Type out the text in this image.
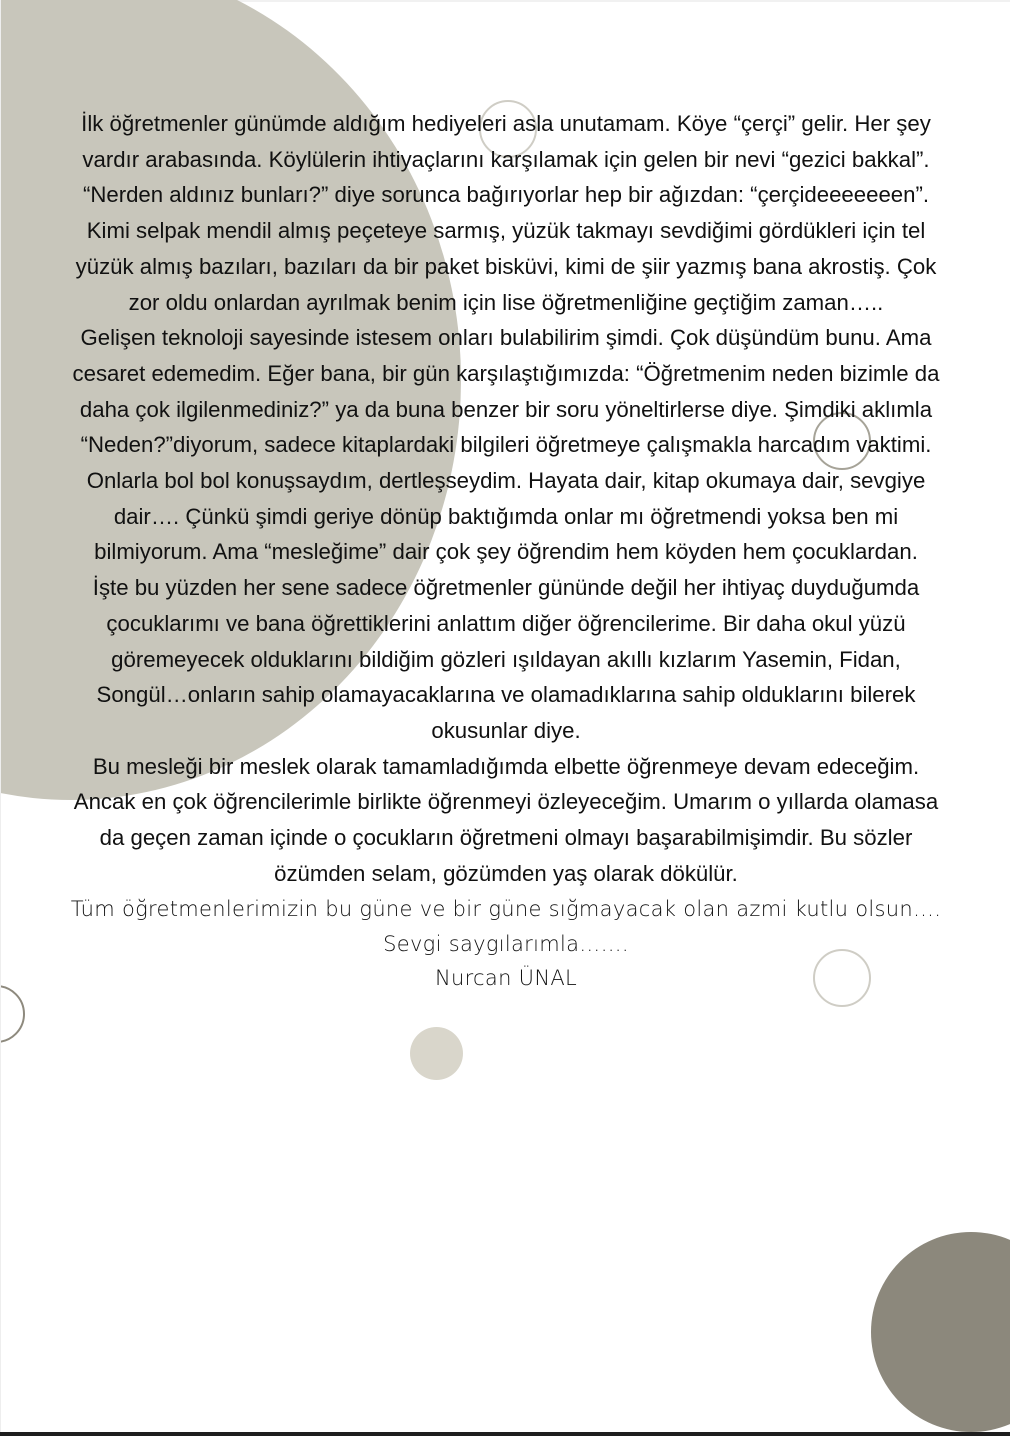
İlk öğretmenler günümde aldığım hediyeleri asla unutamam. Köye “çerçi” gelir. Her şey
vardır arabasında. Köylülerin ihtiyaçlarını karşılamak için gelen bir nevi “gezici bakkal”.
“Nerden aldınız bunları?” diye sorunca bağırıyorlar hep bir ağızdan: “çerçideeeeeeen”.
Kimi selpak mendil almış peçeteye sarmış, yüzük takmayı sevdiğimi gördükleri için tel
yüzük almış bazıları, bazıları da bir paket bisküvi, kimi de şiir yazmış bana akrostiş. Çok
zor oldu onlardan ayrılmak benim için lise öğretmenliğine geçtiğim zaman…..
Gelişen teknoloji sayesinde istesem onları bulabilirim şimdi. Çok düşündüm bunu. Ama
cesaret edemedim. Eğer bana, bir gün karşılaştığımızda: “Öğretmenim neden bizimle da
daha çok ilgilenmediniz?” ya da buna benzer bir soru yöneltirlerse diye. Şimdiki aklımla
“Neden?”diyorum, sadece kitaplardaki bilgileri öğretmeye çalışmakla harcadım vaktimi.
Onlarla bol bol konuşsaydım, dertleşseydim. Hayata dair, kitap okumaya dair, sevgiye
dair…. Çünkü şimdi geriye dönüp baktığımda onlar mı öğretmendi yoksa ben mi
bilmiyorum. Ama “mesleğime” dair çok şey öğrendim hem köyden hem çocuklardan.
İşte bu yüzden her sene sadece öğretmenler gününde değil her ihtiyaç duyduğumda
çocuklarımı ve bana öğrettiklerini anlattım diğer öğrencilerime. Bir daha okul yüzü
göremeyecek olduklarını bildiğim gözleri ışıldayan akıllı kızlarım Yasemin, Fidan,
Songül…onların sahip olamayacaklarına ve olamadıklarına sahip olduklarını bilerek
okusunlar diye.
Bu mesleği bir meslek olarak tamamladığımda elbette öğrenmeye devam edeceğim.
Ancak en çok öğrencilerimle birlikte öğrenmeyi özleyeceğim. Umarım o yıllarda olamasa
da geçen zaman içinde o çocukların öğretmeni olmayı başarabilmişimdir. Bu sözler
özümden selam, gözümden yaş olarak dökülür.
Tüm öğretmenlerimizin bu güne ve bir güne sığmayacak olan azmi kutlu olsun….
Sevgi saygılarımla…….
Nurcan ÜNAL
